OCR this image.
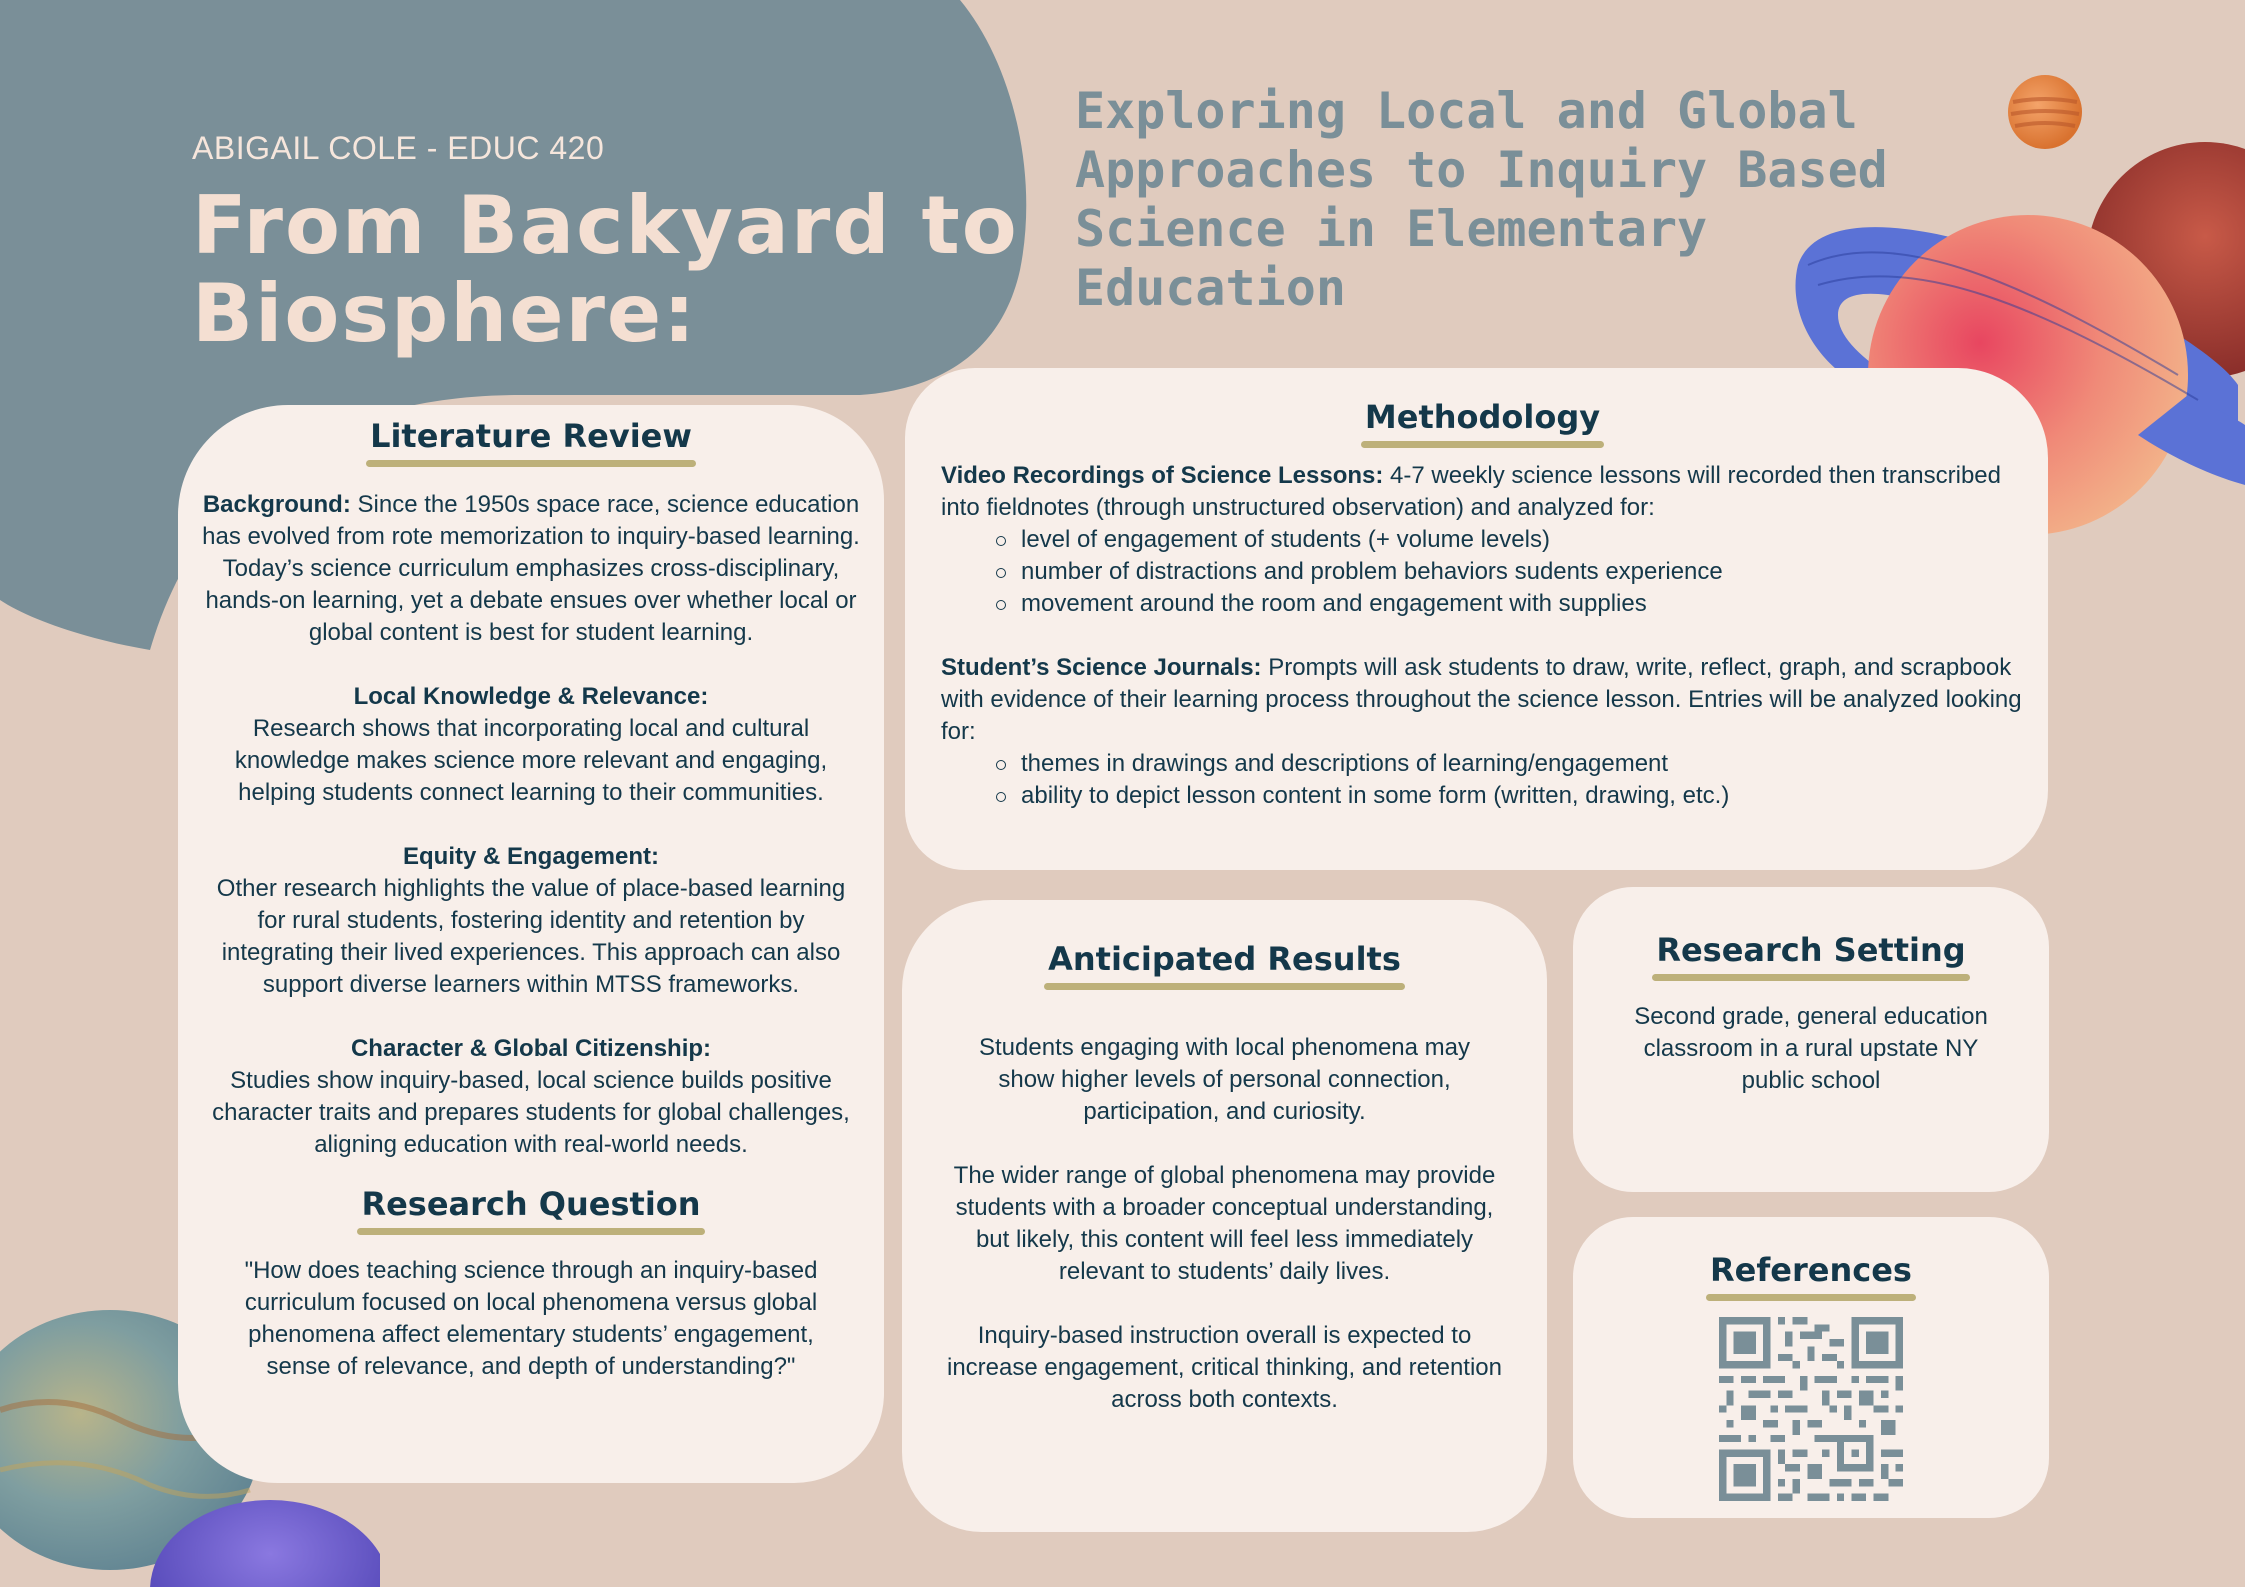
ABIGAIL COLE - EDUC 420
From Backyard to Biosphere:
Exploring Local and Global Approaches to Inquiry Based Science in Elementary Education
Literature Review

Background: Since the 1950s space race, science education has evolved from rote memorization to inquiry-based learning. Today’s science curriculum emphasizes cross-disciplinary, hands-on learning, yet a debate ensues over whether local or global content is best for student learning.

Local Knowledge & Relevance:

Research shows that incorporating local and cultural knowledge makes science more relevant and engaging, helping students connect learning to their communities.

Equity & Engagement:

Other research highlights the value of place-based learning for rural students, fostering identity and retention by integrating their lived experiences. This approach can also support diverse learners within MTSS frameworks.

Character & Global Citizenship:

Studies show inquiry-based, local science builds positive character traits and prepares students for global challenges, aligning education with real-world needs.

Research Question

"How does teaching science through an inquiry-based curriculum focused on local phenomena versus global phenomena affect elementary students’ engagement, sense of relevance, and depth of understanding?"

Methodology

Video Recordings of Science Lessons: 4-7 weekly science lessons will recorded then transcribed into fieldnotes (through unstructured observation) and analyzed for:

level of engagement of students (+ volume levels)
number of distractions and problem behaviors sudents experience
movement around the room and engagement with supplies

Student’s Science Journals: Prompts will ask students to draw, write, reflect, graph, and scrapbook with evidence of their learning process throughout the science lesson. Entries will be analyzed looking for:

themes in drawings and descriptions of learning/engagement
ability to depict lesson content in some form (written, drawing, etc.)
Anticipated Results

Students engaging with local phenomena may show higher levels of personal connection, participation, and curiosity.

The wider range of global phenomena may provide students with a broader conceptual understanding, but likely, this content will feel less immediately relevant to students’ daily lives.

Inquiry-based instruction overall is expected to increase engagement, critical thinking, and retention across both contexts.

Research Setting

Second grade, general education classroom in a rural upstate NY public school

References
